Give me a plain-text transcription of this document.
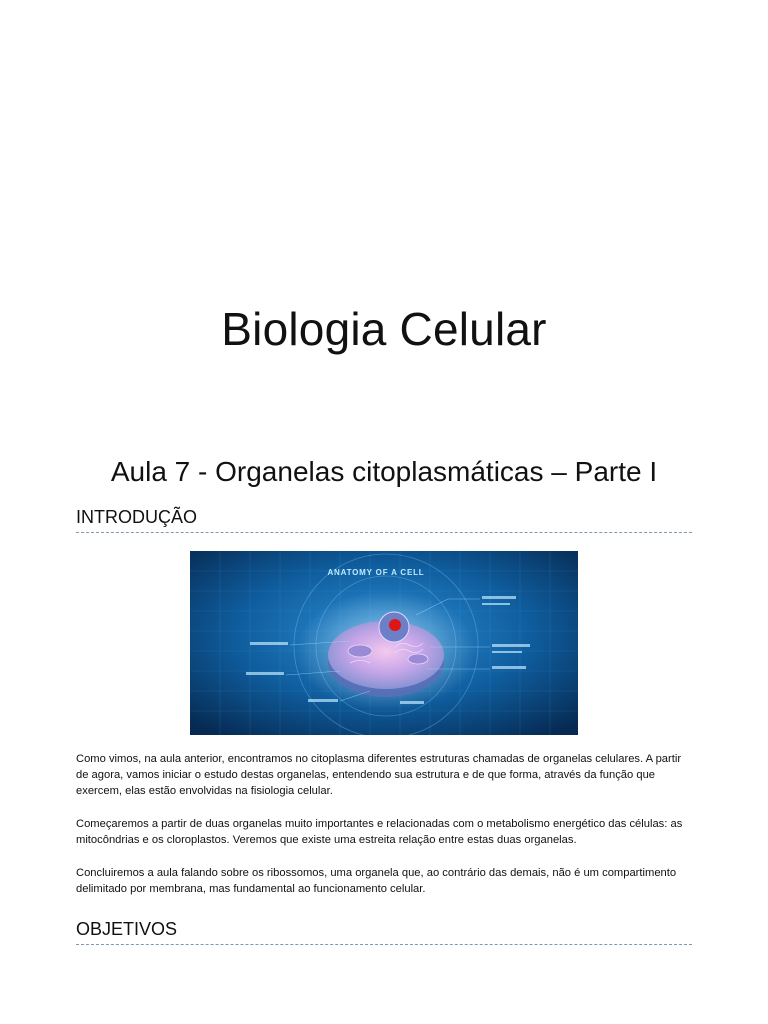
Biologia Celular
Aula 7 - Organelas citoplasmáticas – Parte I
INTRODUÇÃO
ANATOMY OF A CELL

Como vimos, na aula anterior, encontramos no citoplasma diferentes estruturas chamadas de organelas celulares. A partir de agora, vamos iniciar o estudo destas organelas, entendendo sua estrutura e de que forma, através da função que exercem, elas estão envolvidas na fisiologia celular.

Começaremos a partir de duas organelas muito importantes e relacionadas com o metabolismo energético das células: as mitocôndrias e os cloroplastos. Veremos que existe uma estreita relação entre estas duas organelas.

Concluiremos a aula falando sobre os ribossomos, uma organela que, ao contrário das demais, não é um compartimento delimitado por membrana, mas fundamental ao funcionamento celular.

OBJETIVOS
